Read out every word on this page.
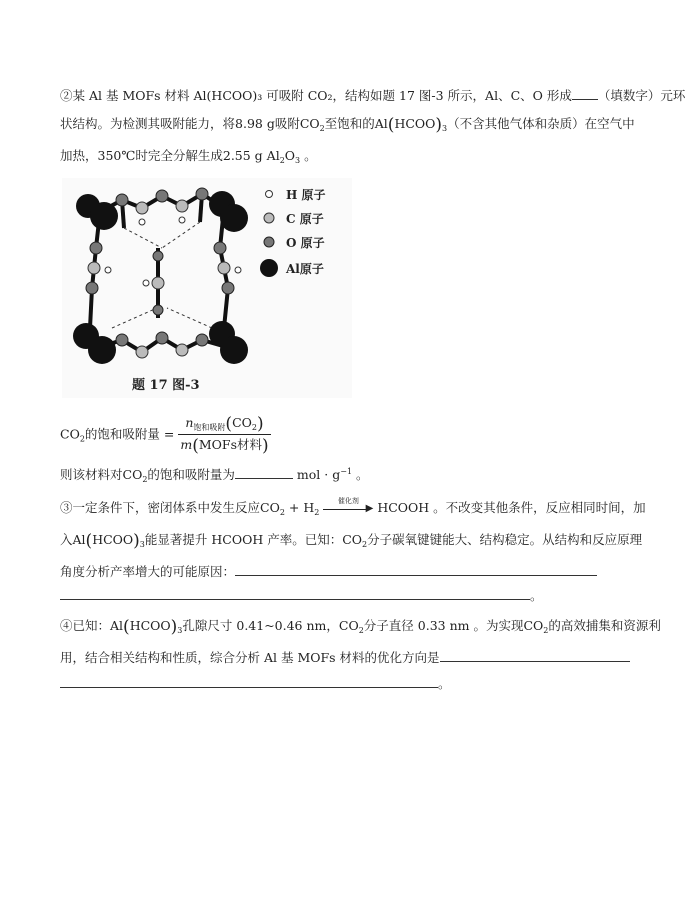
②某 Al 基 MOFs 材料 Al(HCOO)₃ 可吸附 CO₂，结构如题 17 图-3 所示，Al、C、O 形成 （填数字）元环
状结构。为检测其吸附能力，将8.98 g吸附$CO_2$至饱和的$Al(HCOO)_3$（不含其他气体和杂质）在空气中
加热，350℃时完全分解生成2.55 g $Al_2O_3$ 。
H 原子
C 原子
O 原子
Al原子
题 17 图-3
$CO_2$的饱和吸附量 = $\frac{n_{饱和吸附}(CO_2)}{\text{m(MOFs材料)}}$
则该材料对$CO_2$的饱和吸附量为	mol · $g^{-1}$ 。
③一定条件下，密闭体系中发生反应$CO_2 + H_2$
催化剂
▶ HCOOH 。不改变其他条件，反应相同时间，加
入$Al(HCOO)_3$能显著提升 HCOOH 产率。已知：$CO_2$分子碳氧键键能大、结构稳定。从结构和反应原理
角度分析产率增大的可能原因：
。
④已知：$Al(HCOO)_3$孔隙尺寸 0.41~0.46 nm，$CO_2$分子直径 0.33 nm 。为实现$CO_2$的高效捕集和资源利
用，结合相关结构和性质，综合分析 Al 基 MOFs 材料的优化方向是
。
